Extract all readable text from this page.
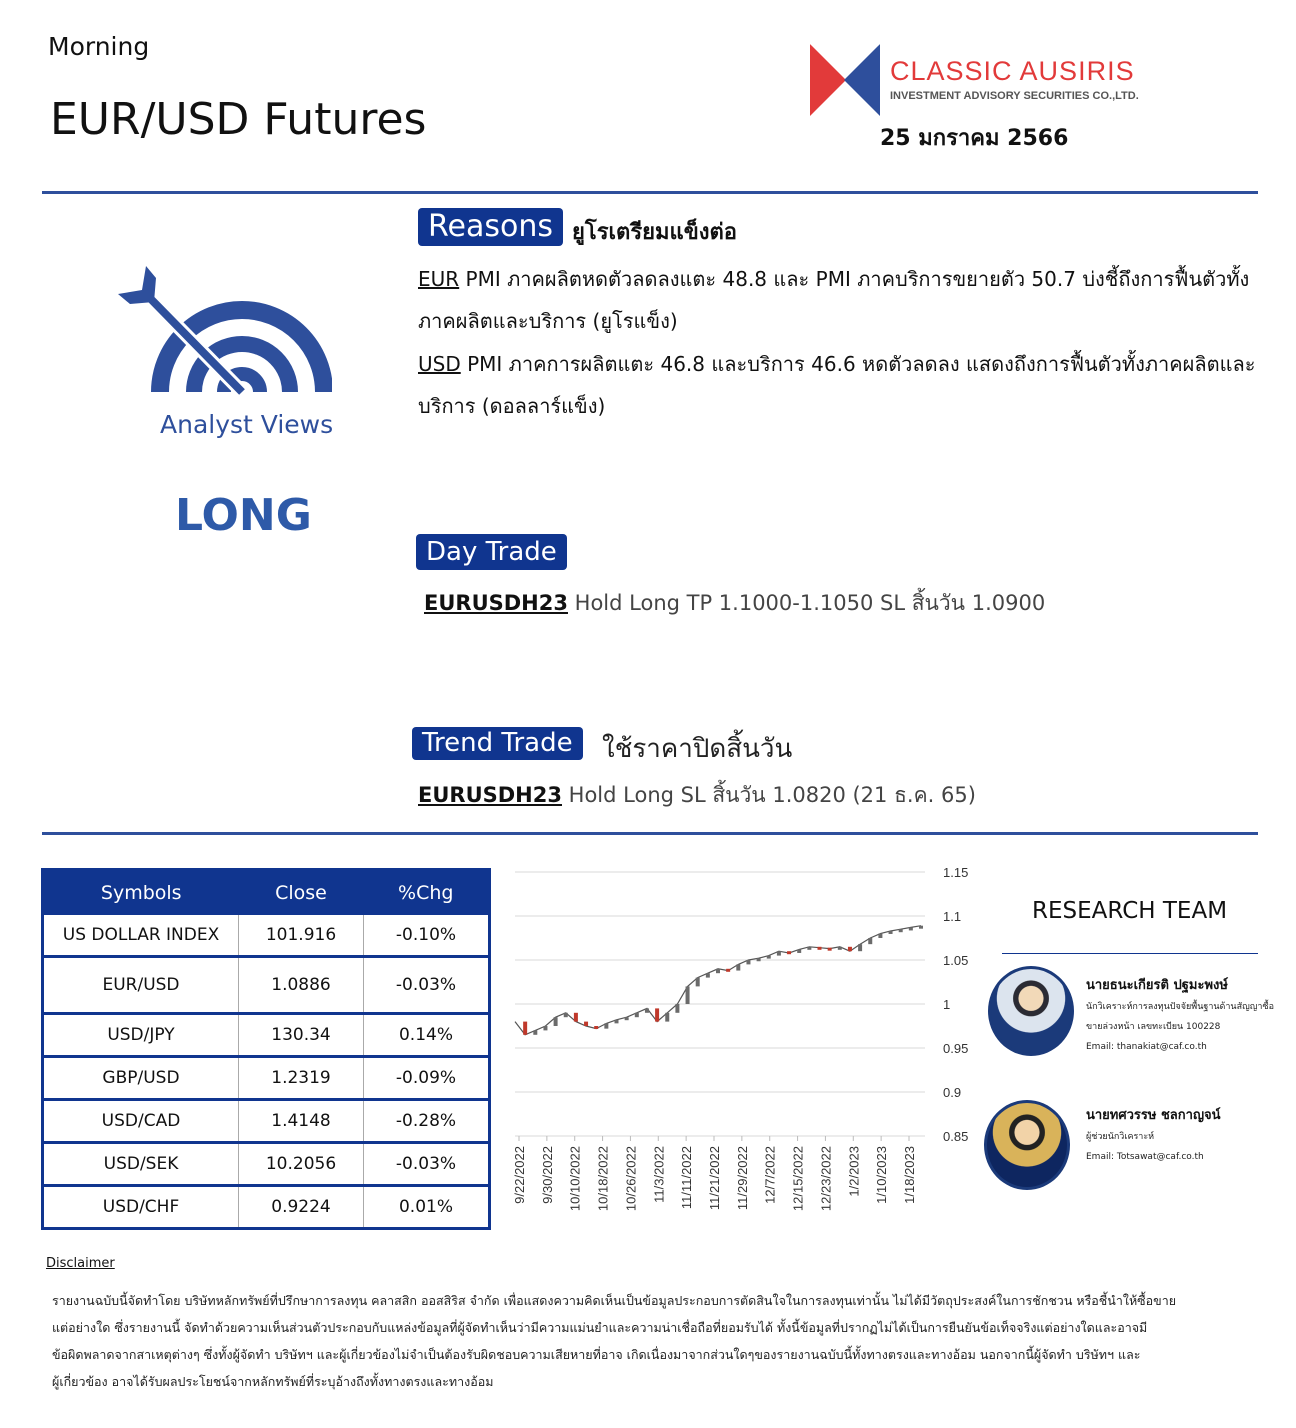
Morning
EUR/USD Futures
CLASSIC AUSIRIS
INVESTMENT ADVISORY SECURITIES CO.,LTD.
25 มกราคม 2566
Analyst Views
LONG
Reasons ยูโรเตรียมแข็งต่อ
EUR PMI ภาคผลิตหดตัวลดลงแตะ 48.8 และ PMI ภาคบริการขยายตัว 50.7 บ่งชี้ถึงการฟื้นตัวทั้ง
ภาคผลิตและบริการ (ยูโรแข็ง)
USD PMI ภาคการผลิตแตะ 46.8 และบริการ 46.6 หดตัวลดลง แสดงถึงการฟื้นตัวทั้งภาคผลิตและ
บริการ (ดอลลาร์แข็ง)
Day Trade
EURUSDH23 Hold Long TP 1.1000-1.1050 SL สิ้นวัน 1.0900
Trend Trade	ใช้ราคาปิดสิ้นวัน
EURUSDH23 Hold Long SL สิ้นวัน 1.0820 (21 ธ.ค. 65)
Symbols	Close	%Chg
US DOLLAR INDEX	101.916	-0.10%
EUR/USD	1.0886	-0.03%
USD/JPY	130.34	0.14%
GBP/USD	1.2319	-0.09%
USD/CAD	1.4148	-0.28%
USD/SEK	10.2056	-0.03%
USD/CHF	0.9224	0.01%
1.15
1.1
1.05
1
0.95
0.9
0.85
9/22/2022 9/30/2022 10/10/2022 10/18/2022 10/26/2022 11/3/2022 11/11/2022 11/21/2022 11/29/2022 12/7/2022 12/15/2022 12/23/2022 1/2/2023 1/10/2023 1/18/2023
RESEARCH TEAM
นายธนะเกียรติ ปฐมะพงษ์
นักวิเคราะห์การลงทุนปัจจัยพื้นฐานด้านสัญญาซื้อ
ขายล่วงหน้า เลขทะเบียน 100228
Email: thanakiat@caf.co.th
นายทศวรรษ ชลกาญจน์
ผู้ช่วยนักวิเคราะห์
Email: Totsawat@caf.co.th
Disclaimer
รายงานฉบับนี้จัดทำโดย บริษัทหลักทรัพย์ที่ปรึกษาการลงทุน คลาสสิก ออสสิริส จำกัด เพื่อแสดงความคิดเห็นเป็นข้อมูลประกอบการตัดสินใจในการลงทุนเท่านั้น ไม่ได้มีวัตถุประสงค์ในการชักชวน หรือชี้นำให้ซื้อขาย
แต่อย่างใด ซึ่งรายงานนี้ จัดทำด้วยความเห็นส่วนตัวประกอบกับแหล่งข้อมูลที่ผู้จัดทำเห็นว่ามีความแม่นยำและความน่าเชื่อถือที่ยอมรับได้ ทั้งนี้ข้อมูลที่ปรากฏไม่ได้เป็นการยืนยันข้อเท็จจริงแต่อย่างใดและอาจมี
ข้อผิดพลาดจากสาเหตุต่างๆ ซึ่งทั้งผู้จัดทำ บริษัทฯ และผู้เกี่ยวข้องไม่จำเป็นต้องรับผิดชอบความเสียหายที่อาจ เกิดเนื่องมาจากส่วนใดๆของรายงานฉบับนี้ทั้งทางตรงและทางอ้อม นอกจากนี้ผู้จัดทำ บริษัทฯ และ
ผู้เกี่ยวข้อง อาจได้รับผลประโยชน์จากหลักทรัพย์ที่ระบุอ้างถึงทั้งทางตรงและทางอ้อม
